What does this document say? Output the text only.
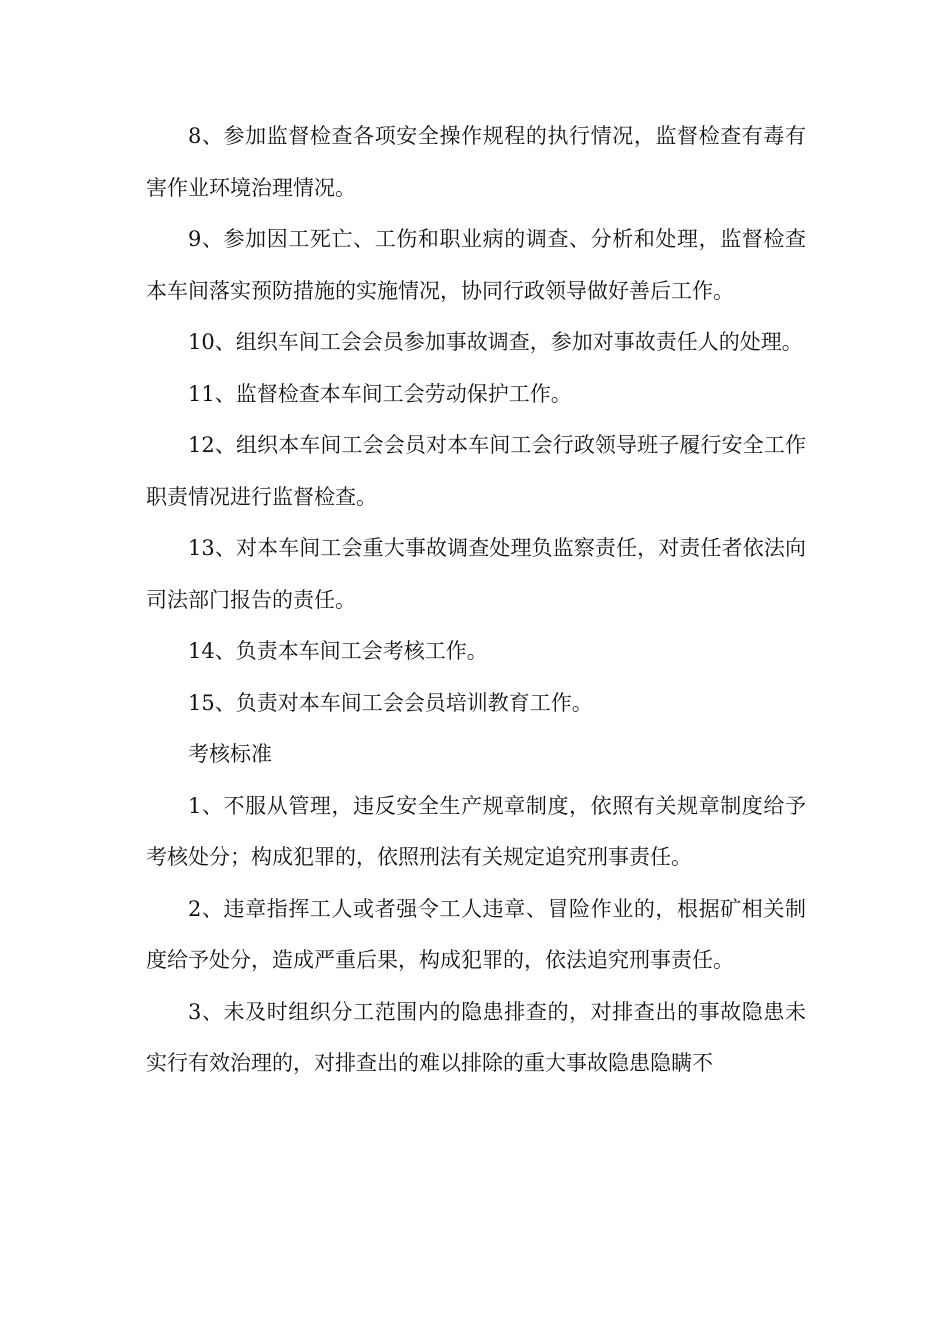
8、参加监督检查各项安全操作规程的执行情况，监督检查有毒有害作业环境治理情况。

9、参加因工死亡、工伤和职业病的调查、分析和处理，监督检查本车间落实预防措施的实施情况，协同行政领导做好善后工作。

10、组织车间工会会员参加事故调查，参加对事故责任人的处理。

11、监督检查本车间工会劳动保护工作。

12、组织本车间工会会员对本车间工会行政领导班子履行安全工作职责情况进行监督检查。

13、对本车间工会重大事故调查处理负监察责任，对责任者依法向司法部门报告的责任。

14、负责本车间工会考核工作。

15、负责对本车间工会会员培训教育工作。

考核标准

1、不服从管理，违反安全生产规章制度，依照有关规章制度给予考核处分；构成犯罪的，依照刑法有关规定追究刑事责任。

2、违章指挥工人或者强令工人违章、冒险作业的，根据矿相关制度给予处分，造成严重后果，构成犯罪的，依法追究刑事责任。

3、未及时组织分工范围内的隐患排查的，对排查出的事故隐患未实行有效治理的，对排查出的难以排除的重大事故隐患隐瞒不
